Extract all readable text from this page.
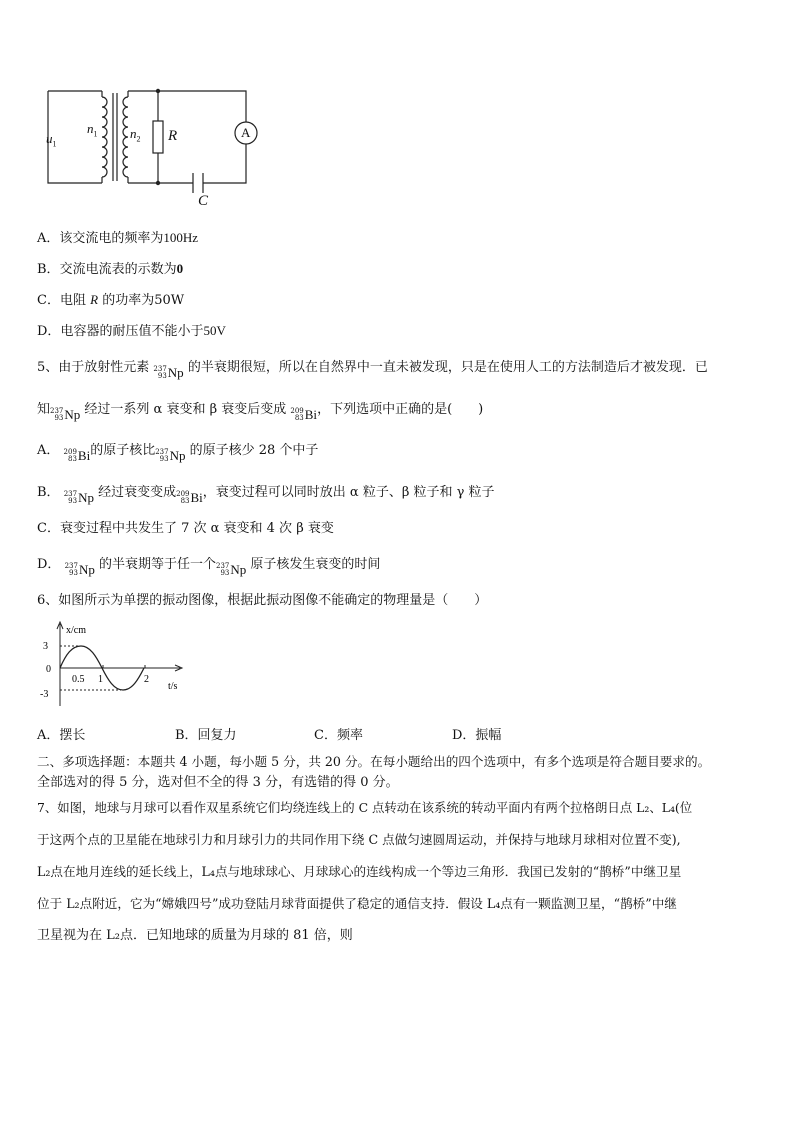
$u_1$
$n_1$	$n_2$ R	A
C
A．该交流电的频率为100Hz
B．交流电流表的示数为0
C．电阻 R 的功率为50W
D．电容器的耐压值不能小于50V
5、由于放射性元素 237
93 Np 的半衰期很短，所以在自然界中一直未被发现，只是在使用人工的方法制造后才被发现．已
知 237
93 Np 经过一系列 α 衰变和 β 衰变后变成 209
83 Bi ，下列选项中正确的是(　　)
A． 209
83 Bi 的原子核比 237
93 Np 的原子核少 28 个中子
B． 237
93 Np 经过衰变变成 209
83 Bi ，衰变过程可以同时放出 α 粒子、β 粒子和 γ 粒子
C．衰变过程中共发生了 7 次 α 衰变和 4 次 β 衰变
D． 237
93 Np 的半衰期等于任一个 237
93 Np 原子核发生衰变的时间
6、如图所示为单摆的振动图像，根据此振动图像不能确定的物理量是（　　）
x/cm
3
0
-3
0.5 1	2
t/s
A．摆长	B．回复力	C．频率	D．振幅
二、多项选择题：本题共 4 小题，每小题 5 分，共 20 分。在每小题给出的四个选项中，有多个选项是符合题目要求的。
全部选对的得 5 分，选对但不全的得 3 分，有选错的得 0 分。
7、如图，地球与月球可以看作双星系统它们均绕连线上的 C 点转动在该系统的转动平面内有两个拉格朗日点 L₂、L₄(位
于这两个点的卫星能在地球引力和月球引力的共同作用下绕 C 点做匀速圆周运动，并保持与地球月球相对位置不变),
L₂点在地月连线的延长线上，L₄点与地球球心、月球球心的连线构成一个等边三角形．我国已发射的“鹊桥”中继卫星
位于 L₂点附近，它为“嫦娥四号”成功登陆月球背面提供了稳定的通信支持．假设 L₄点有一颗监测卫星，“鹊桥”中继
卫星视为在 L₂点．已知地球的质量为月球的 81 倍，则
